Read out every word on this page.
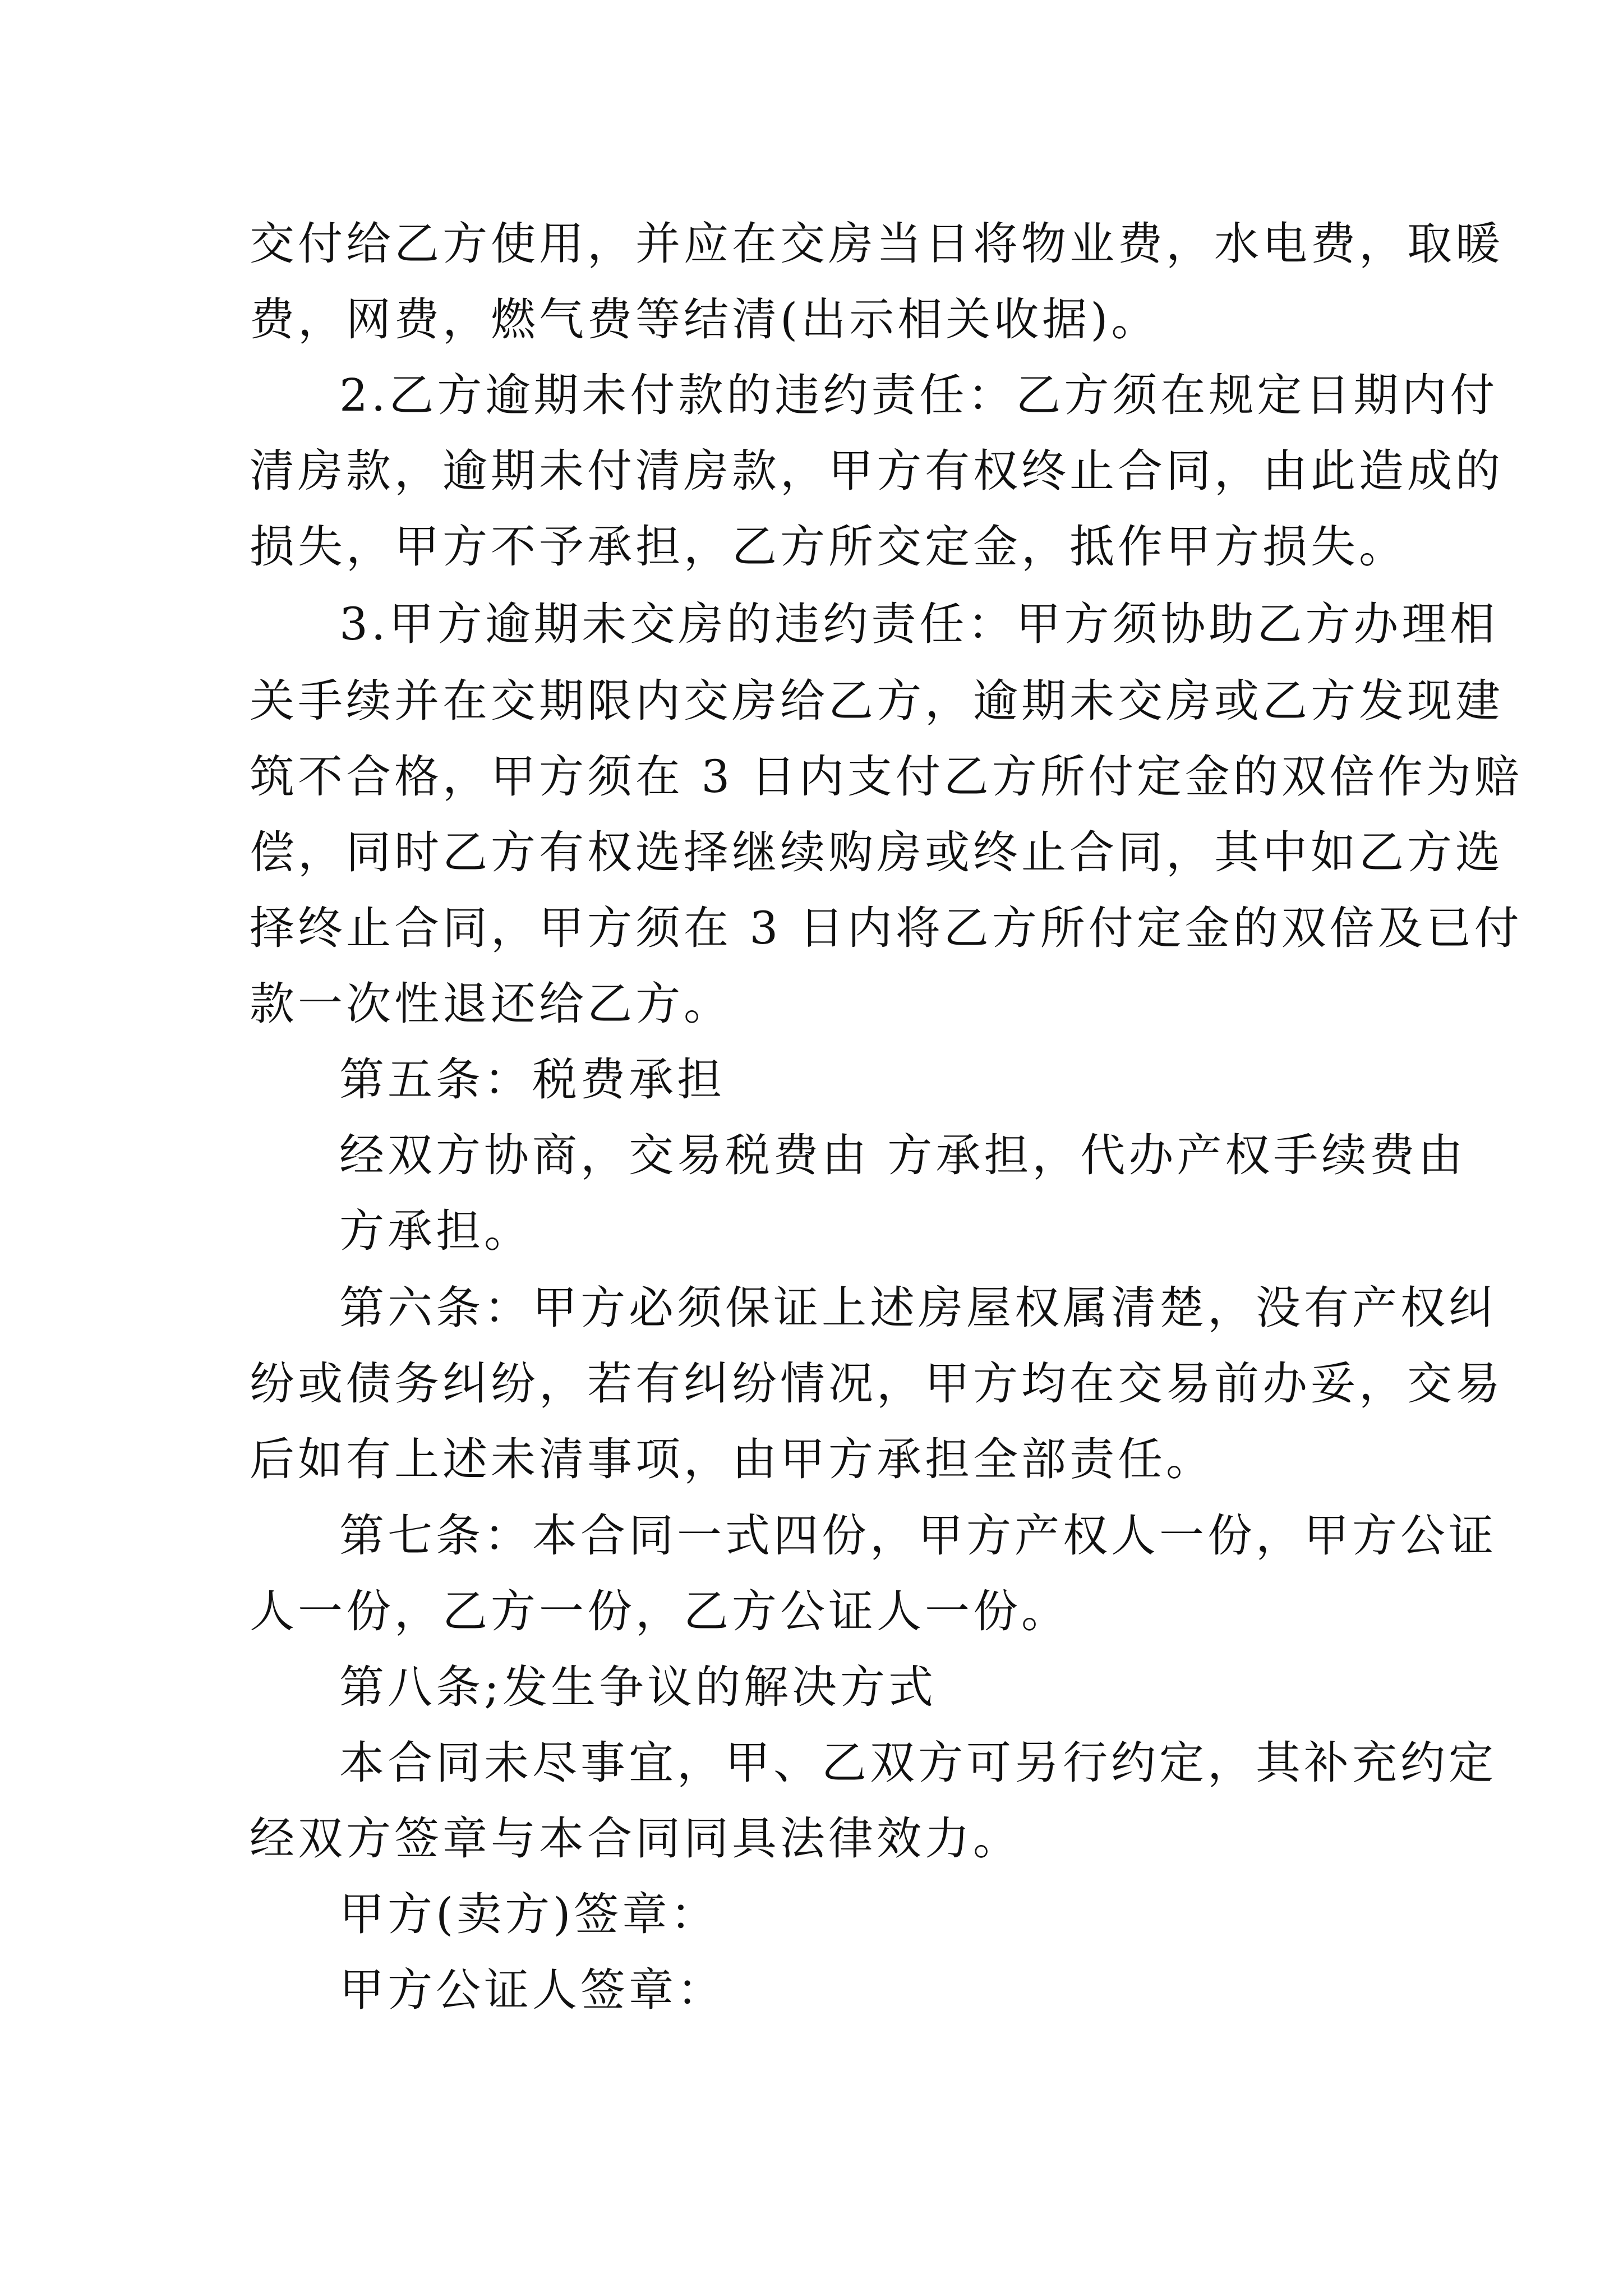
交付给乙方使用，并应在交房当日将物业费，水电费，取暖
费，网费，燃气费等结清(出示相关收据)。
2.乙方逾期未付款的违约责任：乙方须在规定日期内付
清房款，逾期未付清房款，甲方有权终止合同，由此造成的
损失，甲方不予承担，乙方所交定金，抵作甲方损失。
3.甲方逾期未交房的违约责任：甲方须协助乙方办理相
关手续并在交期限内交房给乙方，逾期未交房或乙方发现建
筑不合格，甲方须在 3 日内支付乙方所付定金的双倍作为赔
偿，同时乙方有权选择继续购房或终止合同，其中如乙方选
择终止合同，甲方须在 3 日内将乙方所付定金的双倍及已付
款一次性退还给乙方。
第五条：税费承担
经双方协商，交易税费由 方承担，代办产权手续费由
方承担。
第六条：甲方必须保证上述房屋权属清楚，没有产权纠
纷或债务纠纷，若有纠纷情况，甲方均在交易前办妥，交易
后如有上述未清事项，由甲方承担全部责任。
第七条：本合同一式四份，甲方产权人一份，甲方公证
人一份，乙方一份，乙方公证人一份。
第八条;发生争议的解决方式
本合同未尽事宜，甲、乙双方可另行约定，其补充约定
经双方签章与本合同同具法律效力。
甲方(卖方)签章：
甲方公证人签章：
